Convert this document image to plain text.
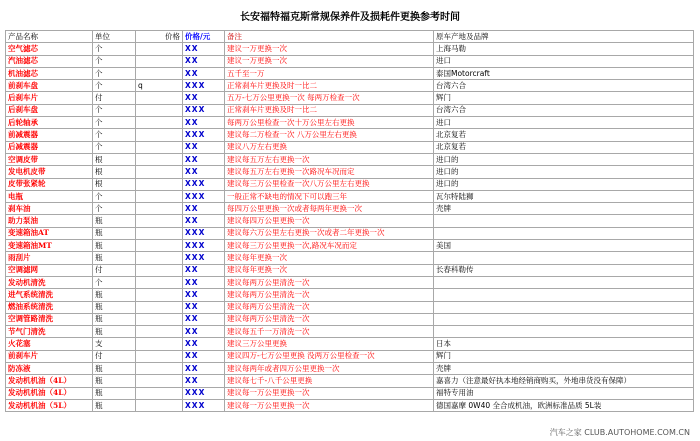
长安福特福克斯常规保养件及损耗件更换参考时间
产品名称	单位	价格	价格/元	备注	原车产地及品牌
空气滤芯	个		XX	建议一万更换一次	上海马勒
汽油滤芯	个		XX	建议一万更换一次	进口
机油滤芯	个		XX	五千至一万	泰国Motorcraft
前刹车盘	个	q	XXX	正常刹车片更换及时一比二	台湾六合
后刹车片	付		XX	五万-七万公里更换一次 每两万检查一次	辉门
后刹车盘	个		XXX	正常刹车片更换及时一比二	台湾六合
后轮轴承	个		XX	每两万公里检查一次十万公里左右更换	进口
前减震器	个		XXX	建议每二万检查一次 八万公里左右更换	北京复若
后减震器	个		XX	建议八万左右更换	北京复若
空调皮带	根		XX	建议每五万左右更换一次	进口的
发电机皮带	根		XX	建议每五万左右更换一次路况车况而定	进口的
皮带张紧轮	根		XXX	建议每三万公里检查一次八万公里左右更换	进口的
电瓶	个		XXX	一般正常不缺电的情况下可以跑三年	瓦尔特陆狮
刹车油	个		XX	每四万公里更换一次或者每两年更换一次	壳牌
助力泵油	瓶		XX	建议每四万公里更换一次	
变速箱油AT	瓶		XXX	建议每六万公里左右更换一次或者二年更换一次	
变速箱油MT	瓶		XXX	建议每三万公里更换一次,路况车况而定	美国
雨刮片	瓶		XXX	建议每年更换一次	
空调滤网	付		XX	建议每年更换一次	长春科勒传
发动机清洗	个		XX	建议每两万公里清洗一次	
进气系统清洗	瓶		XX	建议每两万公里清洗一次	
燃油系统清洗	瓶		XX	建议每两万公里清洗一次	
空调管路清洗	瓶		XX	建议每两万公里清洗一次	
节气门清洗	瓶		XX	建议每五千一万清洗一次	
火花塞	支		XX	建议三万公里更换	日本
前刹车片	付		XX	建议四万-七万公里更换 没两万公里检查一次	辉门
防冻液	瓶		XX	建议每两年或者四万公里更换一次	壳牌
发动机机油（4L）	瓶		XX	建议每七千-八千公里更换	嘉喜力（注意最好执本地经销商购买，外地串货没有保障）
发动机机油（4L）	瓶		XXX	建议每一万公里更换一次	福特专用油
发动机机油（5L）	瓶		XXX	建议每一万公里更换一次	德国嘉摩 0W40 全合成机油，欧洲标准品质 5L装
汽车之家 CLUB.AUTOHOME.COM.CN
